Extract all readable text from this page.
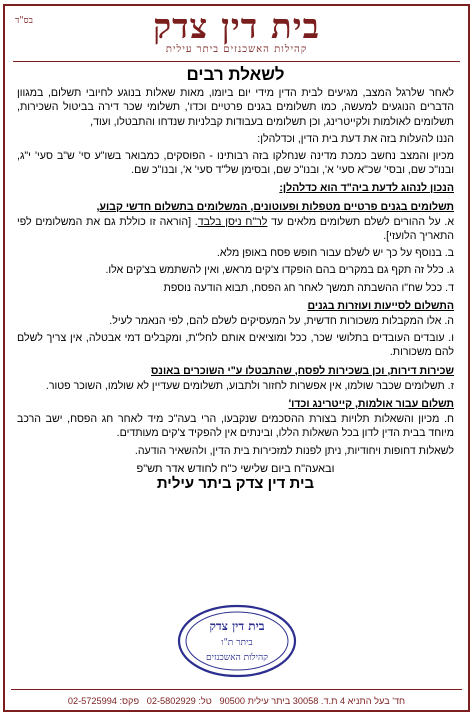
בס"ד	בית דין צדק
קהילות האשכנזים ביתר עילית
לשאלת רבים

לאחר שלרגל המצב, מגיעים לבית הדין מידי יום ביומו, מאות שאלות בנוגע לחיובי תשלום, במגוון הדברים הנוגעים למעשה, כמו תשלומים בגנים פרטיים וכדו', תשלומי שכר דירה בביטול השכירות, תשלומים לאולמות ולקייטרינג, וכן תשלומים בעבודות קבלניות שנדחו והתבטלו, ועוד,

הננו להעלות בזה את דעת בית הדין, וכדלהלן:

מכיון והמצב נחשב כמכת מדינה שנחלקו בזה רבותינו - הפוסקים, כמבואר בשו"ע סי' ש"ב סעי' י"ג, ובנו"כ שם, ובסי' שכ"א סעי' א', ובנו"כ שם, ובסימן של"ד סעי' א', ובנו"כ שם.

הנכון לנהוג לדעת ביה"ד הוא כדלהלן:
תשלומים בגנים פרטיים מטפלות ופעוטונים, המשלומים בתשלום חדשי קבוע,

א. על ההורים לשלם תשלומים מלאים עד לר"ח ניסן בלבד. [הוראה זו כוללת גם את המשלומים לפי התאריך הלועזי].

ב. בנוסף על כך יש לשלם עבור חופש פסח באופן מלא.

ג. כלל זה תקף גם במקרים בהם הופקדו צ'קים מראש, ואין להשתמש בצ'קים אלו.

ד. ככל שח"ו ההשבתה תמשך לאחר חג הפסח, תבוא הודעה נוספת

התשלום לסייעות ועוזרות בגנים

ה. אלו המקבלות משכורות חדשית, על המעסיקים לשלם להם, לפי הנאמר לעיל.

ו. עובדים העובדים בתלושי שכר, ככל ומוציאים אותם לחל"ת, ומקבלים דמי אבטלה, אין צריך לשלם להם משכורות.

שכירות דירות, וכן בשכירות לפסח, שהתבטלו ע"י השוכרים באונס

ז. תשלומים שכבר שולמו, אין אפשרות לחזור ולתבוע, תשלומים שעדיין לא שולמו, השוכר פטור.

תשלום עבור אולמות, קייטרינג וכדו'

ח. מכיון והשאלות תלויות בצורת ההסכמים שנקבעו, הרי בעה"כ מיד לאחר חג הפסח, ישב הרכב מיוחד בבית הדין לדון בכל השאלות הללו, ובינתים אין להפקיד צ'קים מעותדים.

לשאלות דחופות ויחודיות, ניתן לפנות למזכירות בית הדין, ולהשאיר הודעה.

ובאעה"ח ביום שלישי כ"ח לחודש אדר תש"פ
בית דין צדק ביתר עילית
בית דין צדק
ביתר ת"ו
קהילות האשכנזים
חד' בעל התניא 4 ת.ד. 30058 ביתר עילית 90500   טל: 02-5802929   פקס: 02-5725994
